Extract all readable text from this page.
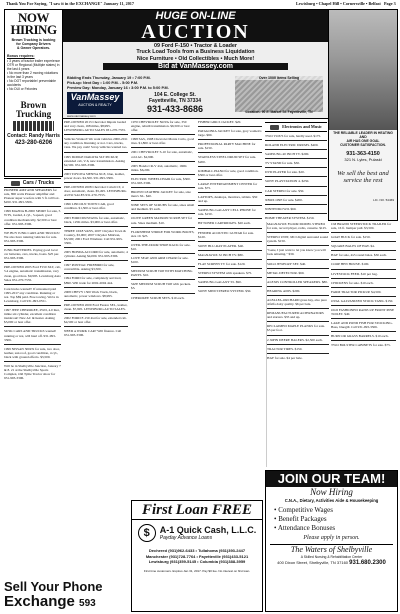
Thank You For Saying, "I saw it in the EXCHANGE" January 11, 2017	Lewisburg • Chapel Hill • Cornersville • Belfast Page 3
NOW HIRING
Brown Trucking is looking
for Company Drivers
& Owner Operators.
Bonus requires:
• 3 years of tractor trailer experience OTR or Regional (Multiple states) in the last 4 years
• No more than 2 moving violations in the last 3 years
• No DOT reportable/ preventable accidents
• No DUI or Felonies
Brown Trucking
Contact: Randy Harris
423-280-6206
HUGE ON-LINE
AUCTION
09 Ford F-150 • Tractor & Loader
Truck Load Tools from a Business Liquidation
Nice Furniture • Old Collectibles • Much More!
Bid at VanMassey.com
Bidding Ends Thursday, January 19 • 7:00 P.M.
Pick-up: Next Day • 1:00 P.M. - 5:00 P.M.
Preview Day: Monday, January 16 • 3:00 P.M. to 5:00 P.M.
104 E. College St.
Fayetteville, TN 37334
931-433-8686
VanMassey
AUCTION & REALTY
www.vanmassey.com
Over 1000 Items Selling
Location: 90 E. Market St. Fayetteville, TN
THE RELIABLE LEADER IN HEATING AND
AIR HAS ONE GOAL
CUSTOMER SATISFACTION.
931-363-4150
321 N. Lyles, Pulaski
We sell the best and
service the rest
LIC. NO. 54469
Cars / Trucks

PIONEER AMP AND SPEAKERS for sale, 800 watts Pioneer amplifier and Pioneer super woofers with 5 ft. tall box. $450. 931-993-3306.

1999 MAZDA B-2000 SPORT for sale, 5 WTS, loaded, 4 cyl., 5-speed, good condition mechanically, $2,500 or best offer. 931-993-3306.

WE BUY JUNK CARS AND TRUCKS! We also have running vehicles for sale. 931-993-3306.

JUNK BATTERIES. Paying good local car batteries, cars, trucks, boats. $25 per. 931-993-3306.

PRE-OWNED 2005 Ford F150 XLT, cab, 5.4 engine, automatic transmission, very clean, good tires. $9,995. Lewisburg Auto Sales 931-270-7555.

Cars/trucks wanted!! If unwanted paid 1995-2017 any condition. Running or not. Top $$$ paid. Free towing. We're in Lewisburg. Call 931-993-0551.

1997 JEEP CHEROKEE, 2WD, 4.0 liter, inline six cylinder, excellent condition inside/out! New AC & heater. Asking $3,000 or best offer.

SUSK CARS AND TRUCKS wanted! running or not, will haul off. 931-993-3306.

1999 NISSAN 300ZX for sale, two door, leather, sun roof, good condition, 4 cyl., black with ground effects. $3,500.

Will be in Shelbyville Junction, January 7 & 8. 21 at the Shelbyville Sports Complex, Old Tyme Tractor show for 931-993-3306.

PRE-OWNED 2013 Chevrolet Impala loaded and very clean, 168 miles, $8,995. LEWISBURG AUTO SALES 931-270-7555.

Vehicles Wanted! We want vehicles 2000-2011 any condition. Running or not. Cars, trucks, vans. We pay cash! Scrap vehicles wanted too.

1995 DODGE DAKOTA SLT PICKUP, extended cab, V-6, new transmission. Asking $2,500. 931-993-3306.

2003 TOYOTA SIENNA XLE, blue, leather, power doors. $4,500. 931-993-3306.

PRE-OWNED 2008 Chevrolet Cobalt LT, 4 door, automatic, clean. $5,495. LEWISBURG AUTO SALES 931-270-7555.

1996 LINCOLN TOWN CAR, good condition. $1,500 or best offer.

2003 FORD MUSTANG for sale, automatic, black, 125K miles. $3,900 or best offer.

THREE 16X8 VANS, 2007 Chrysler Town & Country, $3,000; 2007 Chrysler Minivan, $3,500; 2001 Ford Windstar. Call 931-993-3306.

2005 HONDA ACCORD for sale, automatic, 4 cylinder. Asking $4,000. 931-993-3306.

1997 PONTIAC FIREBIRD for sale, convertible. Asking $3,500.

1994 FORD for sale, completely serviced, $890. Will trade for 2002-2004 4x4.

2008 CHEVY 1500 Work Truck, black, automatic, power windows. $8,995.

PRE-OWNED 2009 Ford Fusion SEL, leather, clean. $7,995. LEWISBURG AUTO SALES.

2002 FORD F-150 4x4 for sale, extended cab. $4,500 or best offer.

NEED A WORK CAR? Will finance. Call 931-993-3306.

1970 CHEVROLET NOVA for sale, 350 engine, rebuilt transmission. $6,500 or best offer.

1998 SAS, 1998 Chevrolet Monte Carlo, good tires. $1,800 or best offer.

2001 CHEVROLET S-10 for sale, automatic, cold AC. $2,900.

2005 Honda CR-V 4x4, automatic, 160K miles. $6,200.

ELECTRIC WHEELCHAIR for sale, $300. 931-993-3306.

BROWN LEATHER JACKET for sale, size men's XL. $40.

NINE SETS OF SCRUBS for sale, sizes small and medium. $5 each.

OLIVE GREEN MATRON SCRUB SET for sale. Sizes medium. $10.

FLORSHEIM STRIKE FOR WORK BOOTS, size 10. $25.

OVER-THE-DOOR SHOE RACK for sale. $10.

LOVE SEAT AND ARM CHAIR for sale. $100.

MEDIUM SCRUB TOP WITH MATCHING PANTS. $10.

SIZE MEDIUM SCRUB TOP with pockets. $5.

CHEROKEE SCRUB SETS. $10 each.

FISHER GIRLS JACKET. $20.

PATAGONIA JACKET for sale, grey women's large. $60.

PROFESSIONAL PARTY MACHINE for sale. $150.

STAINLESS STEEL DRUM SET for sale. $200.

KIMBALL PIANO for sale, good condition. $500 or best offer.

LARGE ENTERTAINMENT CENTER for sale. $75.

LAPTOPS, desktops, monitors, tablets. $50 and up.

SAMSUNG GALAXY CELL PHONE for sale. $150.

HP TONER CARTRIDGES. $20 each.

FENDER ACOUSTIC GUITAR for sale. $120.

SONY BLU-RAY PLAYER. $40.

MAGNAVOX 32 INCH TV. $80.

FLAT SCREEN TV for sale. $120.

STEREO SYSTEM with speakers. $75.

SAMSUNG GALAXY S5. $90.

SONY MINI STEREO SYSTEM. $50.

Electronics and Music

TWO VOX'S for sale, hardly used. $175.

ROLAND ELECTRIC DRUMS. $400.

SAMSUNG 40 INCH TV. $200.

TV STAND for sale. $30.

DVD PLAYER for sale. $20.

SONY PLAYSTATION 4. $250.

CAR STEREO for sale. $50.

XBOX ONE for sale. $200.

NINTENDO WII. $60.

HOME THEATER SYSTEM. $150.

MAGNAVOX FLOOR MODEL STEREO for sale, record player, radio, cassette. $125.

STEREO UNIT, MCI digital surround sound system. $150.

"Gene, I just want to let you know you will look amazing." $30.

SOLO JEWELRY SET. $40.

METAL DETECTOR. $60.

ALEXIS CONTROLLER SPEAKERS. $80.

HEARING AIDS. $200.

ALFALFA-ORCHARD grass hay, also pure alfalfa dairy quality. $6 per bale.

REMANUFACTURED ALTERNATORS and starters. $35 and up.

RECLAIMED MAPLE PLANKS for sale. $5 per foot.

2 JOHN DEERE BALERS. $2,500 each.

TRACTOR TIRES. $150.

HAY for sale. $4 per bale.

CM BRAND STEERSTOCK TRAILER for sale, 16 ft. bumper pull. $3,500.

GOAT BUCK for sale. $150.

SQUARE BALES OF HAY. $4.

HAY for sale, 4x5 round bales. $30 each.

COOP HEN HOUSE. $100.

LIVESTOCK FEED. $10 per bag.

CHICKENS for sale. $10 each.

FARM TRACTOR PICKUP. $4,500.

OVAL GALVANIZED STOCK TANK. $150.

OLD FASHIONED RAISE-UP FRONT PINE TOILET. $40.

LAKE AND POND FISH FOR STOCKING. Bass, bluegill. Call 931-993-3306.

BURN OR GRASS BARRELS. $10 each.

TWO BOLSTER CABINETS for sale. $75.

JOIN OUR TEAM!
Now Hiring
C.N.A., Dietary, Activities Aide & Housekeeping
• Competitive Wages
• Benefit Packages
• Attendance Bonuses
Please apply in person.
The Waters of Shelbyville
A Skilled Nursing & Rehabilitation Center
400 Dixon Street, Shelbyville, TN 37160 931.680.2300
Sell Your Phone
Exchange 593
First Loan FREE
$	A-1 Quick Cash, L.L.C.
Payday Advance Loans
Dechered (931)962-6433 • Tullahoma (931)393-2447
Manchester (931)728-7764 • Fayetteville (931)433-5121
Lewisburg (931)359-5145 • Columbia (931)388-3959
First time customers. Expires Jan 31, 2017. Pay $0 fee. No interest on first loan.
